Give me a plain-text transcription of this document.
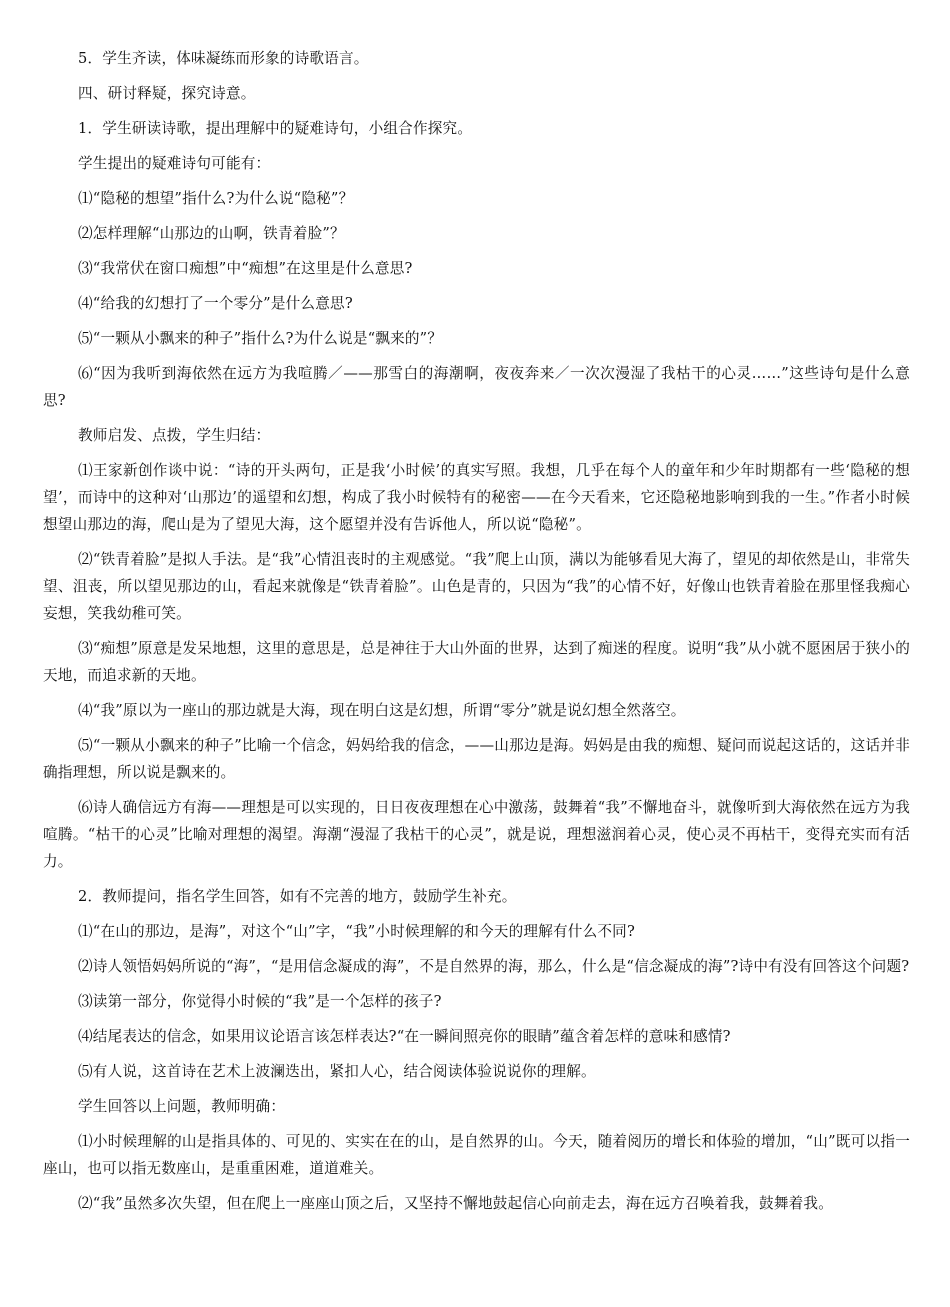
5．学生齐读，体味凝练而形象的诗歌语言。

四、研讨释疑，探究诗意。

1．学生研读诗歌，提出理解中的疑难诗句，小组合作探究。

学生提出的疑难诗句可能有：

⑴“隐秘的想望”指什么?为什么说“隐秘”？

⑵怎样理解“山那边的山啊，铁青着脸”？

⑶“我常伏在窗口痴想”中“痴想”在这里是什么意思?

⑷“给我的幻想打了一个零分”是什么意思?

⑸“一颗从小飘来的种子”指什么?为什么说是“飘来的”？

⑹“因为我听到海依然在远方为我喧腾／——那雪白的海潮啊，夜夜奔来／一次次漫湿了我枯干的心灵……”这些诗句是什么意思?

教师启发、点拨，学生归结：

⑴王家新创作谈中说：“诗的开头两句，正是我‘小时候’的真实写照。我想，几乎在每个人的童年和少年时期都有一些‘隐秘的想望’，而诗中的这种对‘山那边’的遥望和幻想，构成了我小时候特有的秘密——在今天看来，它还隐秘地影响到我的一生。”作者小时候想望山那边的海，爬山是为了望见大海，这个愿望并没有告诉他人，所以说“隐秘”。

⑵“铁青着脸”是拟人手法。是“我”心情沮丧时的主观感觉。“我”爬上山顶，满以为能够看见大海了，望见的却依然是山，非常失望、沮丧，所以望见那边的山，看起来就像是“铁青着脸”。山色是青的，只因为“我”的心情不好，好像山也铁青着脸在那里怪我痴心妄想，笑我幼稚可笑。

⑶“痴想”原意是发呆地想，这里的意思是，总是神往于大山外面的世界，达到了痴迷的程度。说明“我”从小就不愿困居于狭小的天地，而追求新的天地。

⑷“我”原以为一座山的那边就是大海，现在明白这是幻想，所谓“零分”就是说幻想全然落空。

⑸“一颗从小飘来的种子”比喻一个信念，妈妈给我的信念，——山那边是海。妈妈是由我的痴想、疑问而说起这话的，这话并非确指理想，所以说是飘来的。

⑹诗人确信远方有海——理想是可以实现的，日日夜夜理想在心中激荡，鼓舞着“我”不懈地奋斗，就像听到大海依然在远方为我喧腾。“枯干的心灵”比喻对理想的渴望。海潮“漫湿了我枯干的心灵”，就是说，理想滋润着心灵，使心灵不再枯干，变得充实而有活力。

2．教师提问，指名学生回答，如有不完善的地方，鼓励学生补充。

⑴“在山的那边，是海”，对这个“山”字，“我”小时候理解的和今天的理解有什么不同?

⑵诗人领悟妈妈所说的“海”，“是用信念凝成的海”，不是自然界的海，那么，什么是“信念凝成的海”?诗中有没有回答这个问题?

⑶读第一部分，你觉得小时候的“我”是一个怎样的孩子?

⑷结尾表达的信念，如果用议论语言该怎样表达?“在一瞬间照亮你的眼睛”蕴含着怎样的意味和感情?

⑸有人说，这首诗在艺术上波澜迭出，紧扣人心，结合阅读体验说说你的理解。

学生回答以上问题，教师明确：

⑴小时候理解的山是指具体的、可见的、实实在在的山，是自然界的山。今天，随着阅历的增长和体验的增加，“山”既可以指一座山，也可以指无数座山，是重重困难，道道难关。

⑵“我”虽然多次失望，但在爬上一座座山顶之后，又坚持不懈地鼓起信心向前走去，海在远方召唤着我，鼓舞着我。
